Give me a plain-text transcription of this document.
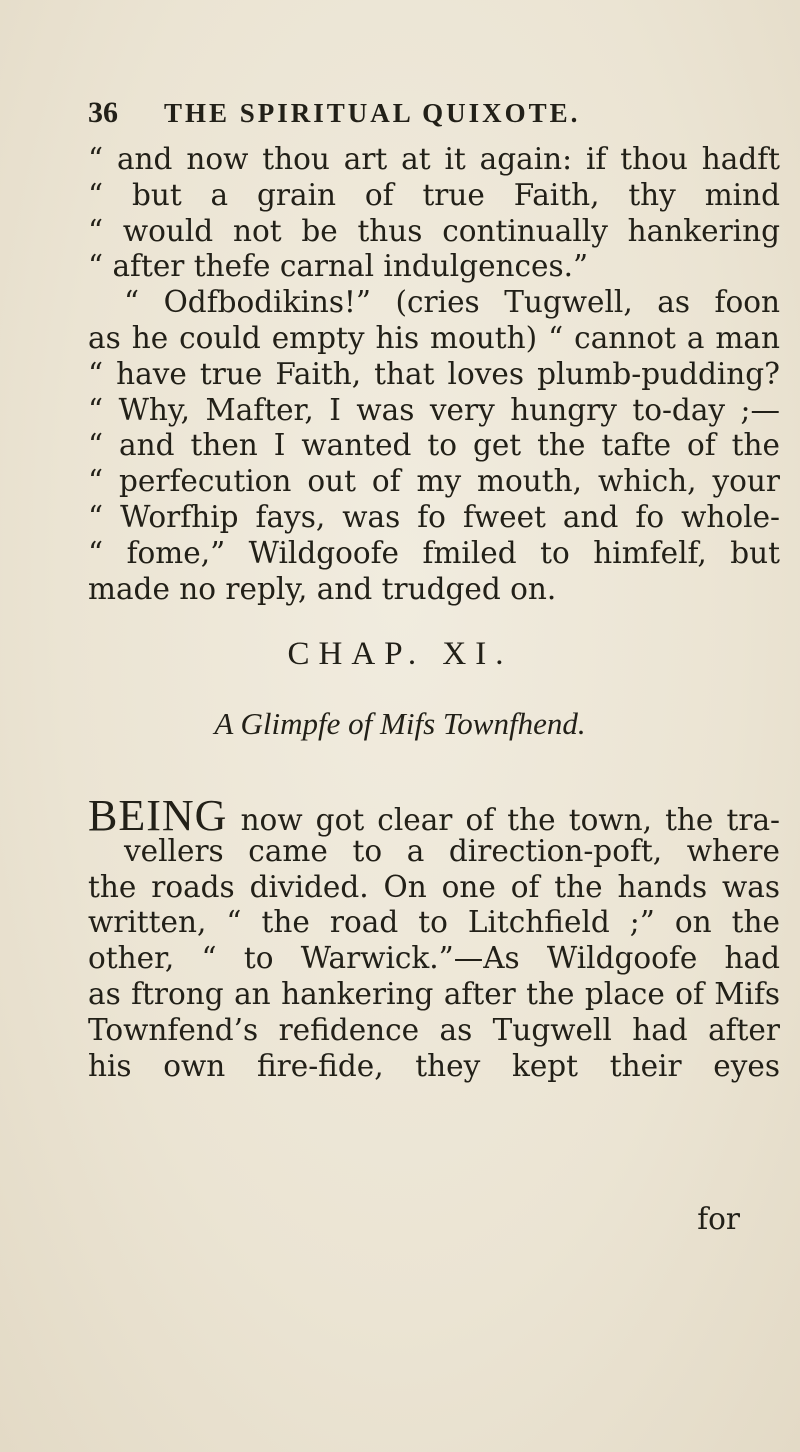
36	THE SPIRITUAL QUIXOTE.
“ and now thou art at it again: if thou hadft
“ but a grain of true Faith, thy mind
“ would not be thus continually hankering
“ after thefe carnal indulgences.”
“ Odfbodikins!” (cries Tugwell, as foon
as he could empty his mouth) “ cannot a man
“ have true Faith, that loves plumb-pudding?
“ Why, Mafter, I was very hungry to-day ;—
“ and then I wanted to get the tafte of the
“ perfecution out of my mouth, which, your
“ Worfhip fays, was fo fweet and fo whole-
“ fome,” Wildgoofe fmiled to himfelf, but
made no reply, and trudged on.
CHAP. XI.
A Glimpfe of Mifs Townfhend.
BEING now got clear of the town, the tra-
vellers came to a direction-poft, where
the roads divided. On one of the hands was
written, “ the road to Litchfield ;” on the
other, “ to Warwick.”—As Wildgoofe had
as ftrong an hankering after the place of Mifs
Townfend’s refidence as Tugwell had after
his own fire-fide, they kept their eyes
for
